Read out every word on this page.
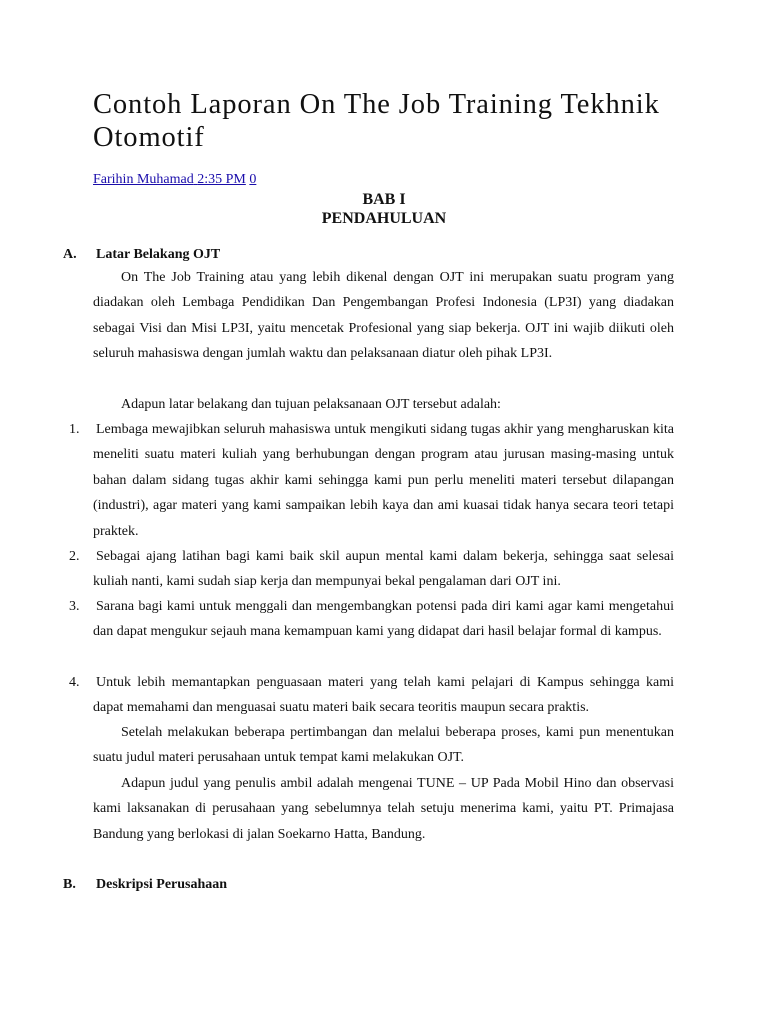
Contoh Laporan On The Job Training Tekhnik Otomotif
Farihin Muhamad 2:35 PM 0
BAB I
PENDAHULUAN
A. Latar Belakang OJT

On The Job Training atau yang lebih dikenal dengan OJT ini merupakan suatu program yang diadakan oleh Lembaga Pendidikan Dan Pengembangan Profesi Indonesia (LP3I) yang diadakan sebagai Visi dan Misi LP3I, yaitu mencetak Profesional yang siap bekerja. OJT ini wajib diikuti oleh seluruh mahasiswa dengan jumlah waktu dan pelaksanaan diatur oleh pihak LP3I.

Adapun latar belakang dan tujuan pelaksanaan OJT tersebut adalah:

1. Lembaga mewajibkan seluruh mahasiswa untuk mengikuti sidang tugas akhir yang mengharuskan kita meneliti suatu materi kuliah yang berhubungan dengan program atau jurusan masing-masing untuk bahan dalam sidang tugas akhir kami sehingga kami pun perlu meneliti materi tersebut dilapangan (industri), agar materi yang kami sampaikan lebih kaya dan ami kuasai tidak hanya secara teori tetapi praktek.

2. Sebagai ajang latihan bagi kami baik skil aupun mental kami dalam bekerja, sehingga saat selesai kuliah nanti, kami sudah siap kerja dan mempunyai bekal pengalaman dari OJT ini.

3. Sarana bagi kami untuk menggali dan mengembangkan potensi pada diri kami agar kami mengetahui dan dapat mengukur sejauh mana kemampuan kami yang didapat dari hasil belajar formal di kampus.

4. Untuk lebih memantapkan penguasaan materi yang telah kami pelajari di Kampus sehingga kami dapat memahami dan menguasai suatu materi baik secara teoritis maupun secara praktis.

Setelah melakukan beberapa pertimbangan dan melalui beberapa proses, kami pun menentukan suatu judul materi perusahaan untuk tempat kami melakukan OJT.

Adapun judul yang penulis ambil adalah mengenai TUNE – UP Pada Mobil Hino dan observasi kami laksanakan di perusahaan yang sebelumnya telah setuju menerima kami, yaitu PT. Primajasa Bandung yang berlokasi di jalan Soekarno Hatta, Bandung.

B. Deskripsi Perusahaan
